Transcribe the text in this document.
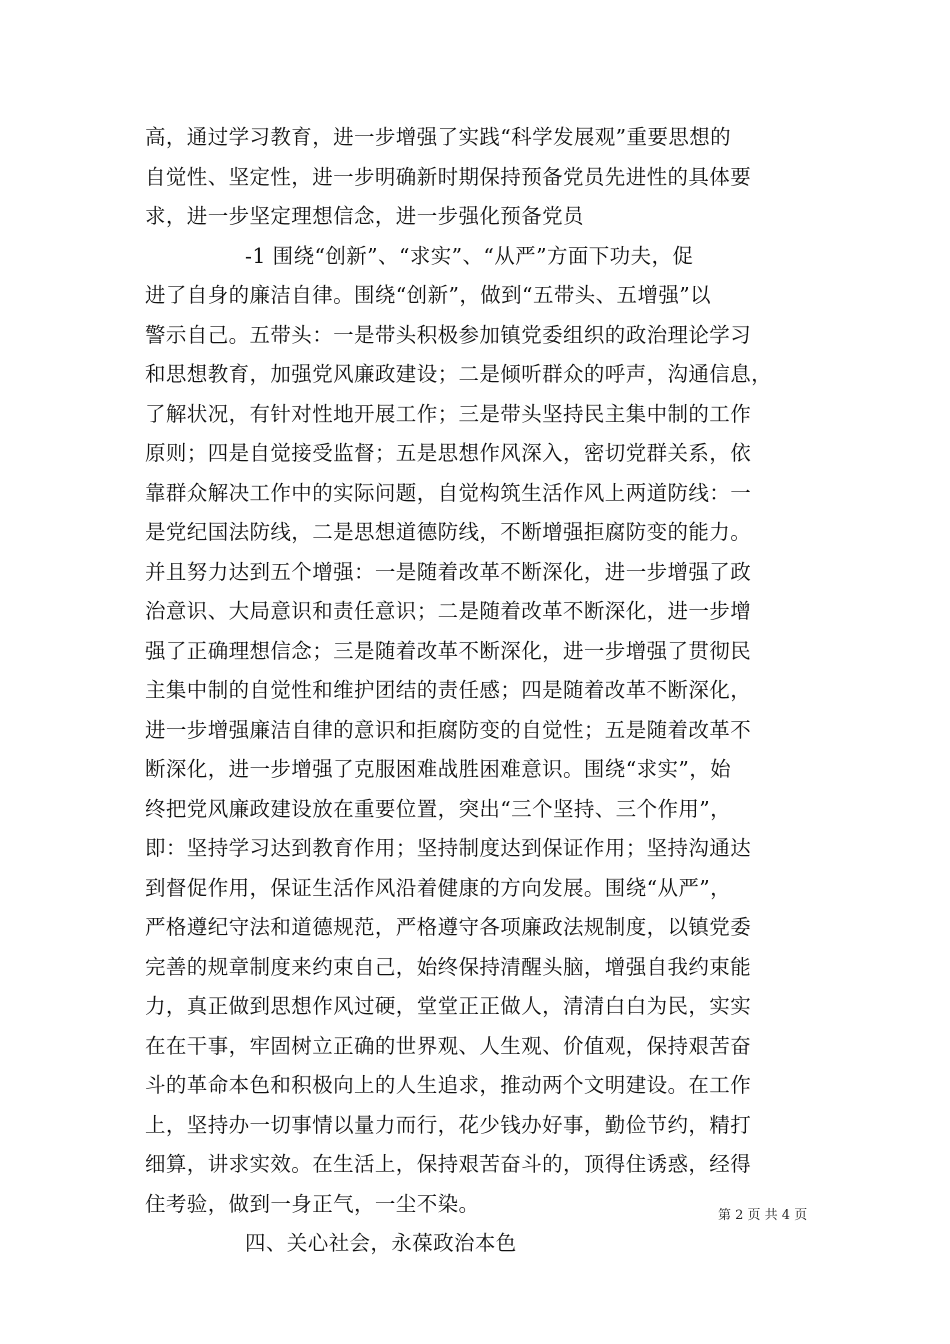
高，通过学习教育，进一步增强了实践“科学发展观”重要思想的
自觉性、坚定性，进一步明确新时期保持预备党员先进性的具体要
求，进一步坚定理想信念，进一步强化预备党员
-1 围绕“创新”、“求实”、“从严”方面下功夫，促
进了自身的廉洁自律。围绕“创新”，做到“五带头、五增强”以
警示自己。五带头：一是带头积极参加镇党委组织的政治理论学习
和思想教育，加强党风廉政建设；二是倾听群众的呼声，沟通信息，
了解状况，有针对性地开展工作；三是带头坚持民主集中制的工作
原则；四是自觉接受监督；五是思想作风深入，密切党群关系，依
靠群众解决工作中的实际问题，自觉构筑生活作风上两道防线：一
是党纪国法防线，二是思想道德防线，不断增强拒腐防变的能力。
并且努力达到五个增强：一是随着改革不断深化，进一步增强了政
治意识、大局意识和责任意识；二是随着改革不断深化，进一步增
强了正确理想信念；三是随着改革不断深化，进一步增强了贯彻民
主集中制的自觉性和维护团结的责任感；四是随着改革不断深化，
进一步增强廉洁自律的意识和拒腐防变的自觉性；五是随着改革不
断深化，进一步增强了克服困难战胜困难意识。围绕“求实”，始
终把党风廉政建设放在重要位置，突出“三个坚持、三个作用”，
即：坚持学习达到教育作用；坚持制度达到保证作用；坚持沟通达
到督促作用，保证生活作风沿着健康的方向发展。围绕“从严”，
严格遵纪守法和道德规范，严格遵守各项廉政法规制度，以镇党委
完善的规章制度来约束自己，始终保持清醒头脑，增强自我约束能
力，真正做到思想作风过硬，堂堂正正做人，清清白白为民，实实
在在干事，牢固树立正确的世界观、人生观、价值观，保持艰苦奋
斗的革命本色和积极向上的人生追求，推动两个文明建设。在工作
上，坚持办一切事情以量力而行，花少钱办好事，勤俭节约，精打
细算，讲求实效。在生活上，保持艰苦奋斗的，顶得住诱惑，经得
住考验，做到一身正气，一尘不染。
四、关心社会，永葆政治本色
第 2 页 共 4 页
